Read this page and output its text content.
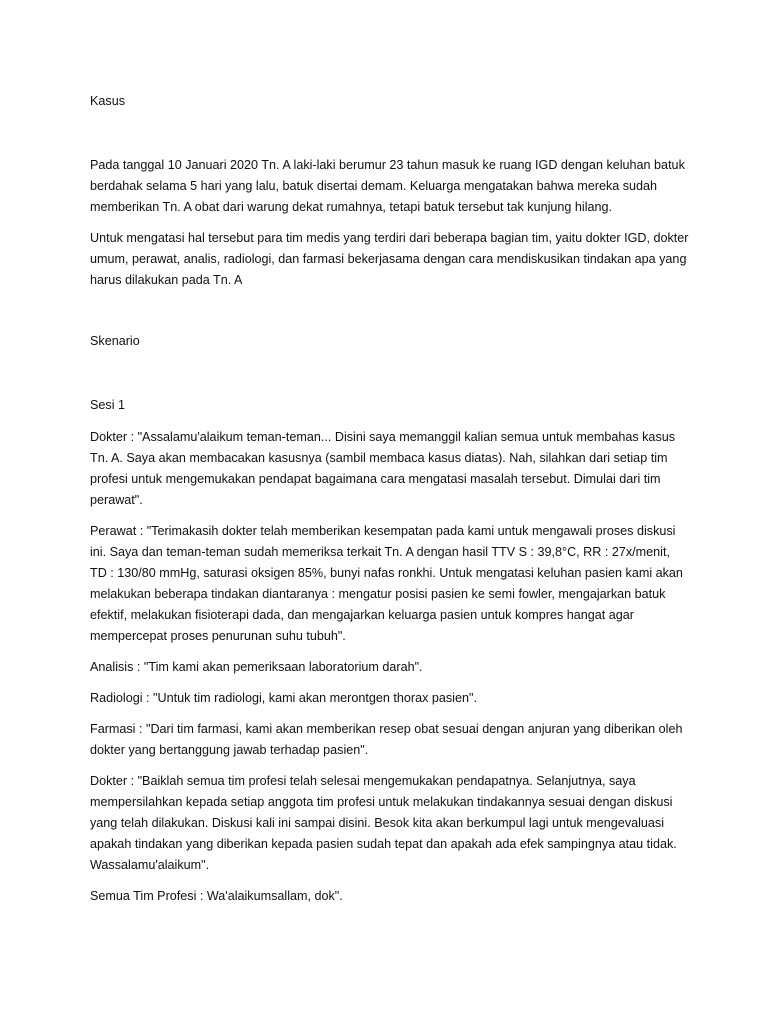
Kasus

Pada tanggal 10 Januari 2020 Tn. A laki-laki berumur 23 tahun masuk ke ruang IGD dengan keluhan batuk berdahak selama 5 hari yang lalu, batuk disertai demam. Keluarga mengatakan bahwa mereka sudah memberikan Tn. A obat dari warung dekat rumahnya, tetapi batuk tersebut tak kunjung hilang.

Untuk mengatasi hal tersebut para tim medis yang terdiri dari beberapa bagian tim, yaitu dokter IGD, dokter umum, perawat, analis, radiologi, dan farmasi bekerjasama dengan cara mendiskusikan tindakan apa yang harus dilakukan pada Tn. A

Skenario

Sesi 1

Dokter : "Assalamu'alaikum teman-teman... Disini saya memanggil kalian semua untuk membahas kasus Tn. A. Saya akan membacakan kasusnya (sambil membaca kasus diatas). Nah, silahkan dari setiap tim profesi untuk mengemukakan pendapat bagaimana cara mengatasi masalah tersebut. Dimulai dari tim perawat".

Perawat : "Terimakasih dokter telah memberikan kesempatan pada kami untuk mengawali proses diskusi ini. Saya dan teman-teman sudah memeriksa terkait Tn. A dengan hasil TTV S : 39,8°C, RR : 27x/menit, TD : 130/80 mmHg, saturasi oksigen 85%, bunyi nafas ronkhi. Untuk mengatasi keluhan pasien kami akan melakukan beberapa tindakan diantaranya : mengatur posisi pasien ke semi fowler, mengajarkan batuk efektif, melakukan fisioterapi dada, dan mengajarkan keluarga pasien untuk kompres hangat agar mempercepat proses penurunan suhu tubuh".

Analisis : "Tim kami akan pemeriksaan laboratorium darah".

Radiologi : "Untuk tim radiologi, kami akan merontgen thorax pasien".

Farmasi : "Dari tim farmasi, kami akan memberikan resep obat sesuai dengan anjuran yang diberikan oleh dokter yang bertanggung jawab terhadap pasien".

Dokter : "Baiklah semua tim profesi telah selesai mengemukakan pendapatnya. Selanjutnya, saya mempersilahkan kepada setiap anggota tim profesi untuk melakukan tindakannya sesuai dengan diskusi yang telah dilakukan. Diskusi kali ini sampai disini. Besok kita akan berkumpul lagi untuk mengevaluasi apakah tindakan yang diberikan kepada pasien sudah tepat dan apakah ada efek sampingnya atau tidak. Wassalamu'alaikum".

Semua Tim Profesi : Wa'alaikumsallam, dok".
